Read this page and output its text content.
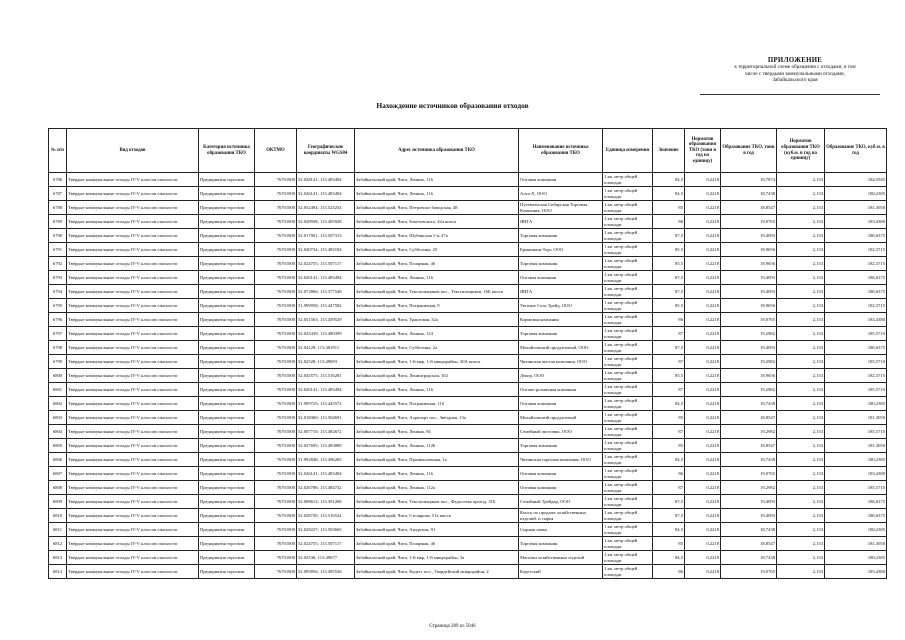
ПРИЛОЖЕНИЕ
к территориальной схеме обращения с отходами, в том
числе с твердыми коммунальными отходами,
Забайкальского края
Нахождение источников образования отходов
№ п/п	Вид отходов	Категория источника образования ТКО	ОКТМО	Географические координаты WGS84	Адрес источника образования ТКО	Наименование источника образования ТКО	Единица измерения	Значение	Норматив образования ТКО (тонн в год на единицу)	Образование ТКО, тонн в год	Норматив образования ТКО (куб.м. в год на единицу)	Образование ТКО, куб.м. в год
6786	Твёрдые коммунальные отходы IV-V классов опасности	Предприятия торговли	76701000	52.028141; 113.483494	Забайкальский край, Чита, Ленина, 116	Оптовая компания	1 кв. метр общей площади	84,5	0,2218	18,7874	2,133	184,5945
6787	Твёрдые коммунальные отходы IV-V классов опасности	Предприятия торговли	76701000	52.026141; 113.483494	Забайкальский край, Чита, Ленина, 116	Алта-Х, ООО	1 кв. метр общей площади	84,5	0,2218	18,7438	2,133	180,2385
6788	Твёрдые коммунальные отходы IV-V классов опасности	Предприятия торговли	76701000	52.052494; 113.523254	Забайкальский край, Чита, Петровско-Заводская, 48	Путевольская Сибирская Торговая Компания, ООО	1 кв. метр общей площади	85	0,2218	18,8547	2,133	181,3050
6789	Твёрдые коммунальные отходы IV-V классов опасности	Предприятия торговли	76701000	52.028938; 113.495928	Забайкальский край, Чита, Бекетовского, 42а киоск	ЯНТА	1 кв. метр общей площади	86	0,2218	19,0765	2,133	183,4380
6790	Твёрдые коммунальные отходы IV-V классов опасности	Предприятия торговли	76701000	52.017001; 113.507313	Забайкальский край, Чита, Шубинская 1-я, 47а	Торговая компания	1 кв. метр общей площади	87,5	0,2218	19,4093	2,133	186,6375
6791	Твёрдые коммунальные отходы IV-V классов опасности	Предприятия торговли	76701000	52.040734; 113.483184	Забайкальский край, Чита, Субботина, 25	Ермишкин-Торг, ООО	1 кв. метр общей площади	85,5	0,2218	18,9656	2,133	182,3715
6792	Твёрдые коммунальные отходы IV-V классов опасности	Предприятия торговли	76701000	52.024755; 113.507117	Забайкальский край, Чита, Полярная, 46	Торговая компания	1 кв. метр общей площади	85,5	0,2218	18,9656	2,133	182,3715
6793	Твёрдые коммунальные отходы IV-V классов опасности	Предприятия торговли	76701000	52.026141; 113.483494	Забайкальский край, Чита, Ленина, 116	Оптовая компания	1 кв. метр общей площади	87,5	0,2218	19,4093	2,133	186,6375
6794	Твёрдые коммунальные отходы IV-V классов опасности	Предприятия торговли	76701000	52.072866; 113.377548	Забайкальский край, Чита, Текстильщиков пос., Текстильщиков, 16Б киоск	ЯНТА	1 кв. метр общей площади	87,5	0,2218	19,4093	2,133	186,6375
6795	Твёрдые коммунальные отходы IV-V классов опасности	Предприятия торговли	76701000	51.999958; 113.447582	Забайкальский край, Чита, Пограничная, 9	Уютные Соль Трейд, ООО	1 кв. метр общей площади	85,5	0,2218	18,9656	2,133	182,3715
6796	Твёрдые коммунальные отходы IV-V классов опасности	Предприятия торговли	76701000	52.051563; 113.459529	Забайкальский край, Чита, Трактовая, 32а	Кормовая компания	1 кв. метр общей площади	86	0,2218	19,0765	2,133	183,4380
6797	Твёрдые коммунальные отходы IV-V классов опасности	Предприятия торговли	76701000	52.025439; 113.480399	Забайкальский край, Чита, Ленина, 123	Торговая компания	1 кв. метр общей площади	87	0,2218	19,2982	2,133	185,5710
6798	Твёрдые коммунальные отходы IV-V классов опасности	Предприятия торговли	76701000	52.04129; 113.481911	Забайкальский край, Чита, Субботина, 2а	Михайловский продуктовый, ООО	1 кв. метр общей площади	87,5	0,2218	19,4093	2,133	186,6375
6799	Твёрдые коммунальные отходы IV-V классов опасности	Предприятия торговли	76701000	52.02528; 113.49693	Забайкальский край, Чита, 1-й мкр, 1-й микрорайон, 30А киоск	Читинская чистая компания, ООО	1 кв. метр общей площади	87	0,2218	19,2982	2,133	185,5710
6800	Твёрдые коммунальные отходы IV-V классов опасности	Предприятия торговли	76701000	52.045575; 113.516281	Забайкальский край, Чита, Ленинградская, 102	Декор, ООО	1 кв. метр общей площади	85,5	0,2218	18,9656	2,133	182,3715
6801	Твёрдые коммунальные отходы IV-V классов опасности	Предприятия торговли	76701000	52.026141; 113.483494	Забайкальский край, Чита, Ленина, 116	Оптово-розничная компания	1 кв. метр общей площади	87	0,2218	19,2982	2,133	185,5710
6802	Твёрдые коммунальные отходы IV-V классов опасности	Предприятия торговли	76701000	51.999725; 113.445572	Забайкальский край, Чита, Пограничная, 11б	Оптовая компания	1 кв. метр общей площади	84,5	0,2218	18,7438	2,133	180,2385
6803	Твёрдые коммунальные отходы IV-V классов опасности	Предприятия торговли	76701000	52.018360; 113.504691	Забайкальский край, Чита, Аэропорт пос., Звёздная, 13а	Михайловский продуктовый	1 кв. метр общей площади	85	0,2218	18,8547	2,133	181,3050
6804	Твёрдые коммунальные отходы IV-V классов опасности	Предприятия торговли	76701000	52.007710; 113.482672	Забайкальский край, Чита, Ленина, 94	Семейный чистовик, ООО	1 кв. метр общей площади	87	0,2218	19,2982	2,133	185,5710
6805	Твёрдые коммунальные отходы IV-V классов опасности	Предприятия торговли	76701000	52.027695; 113.483889	Забайкальский край, Чита, Ленина, 112Б	Торговая компания	1 кв. метр общей площади	85	0,2218	18,8547	2,133	181,3050
6806	Твёрдые коммунальные отходы IV-V классов опасности	Предприятия торговли	76701000	51.992848; 113.496265	Забайкальский край, Чита, Промышленная, 1а	Читинская торговая компания, ООО	1 кв. метр общей площади	84,5	0,2218	18,7438	2,133	180,2385
6807	Твёрдые коммунальные отходы IV-V классов опасности	Предприятия торговли	76701000	52.026141; 113.483494	Забайкальский край, Чита, Ленина, 116	Оптовая компания	1 кв. метр общей площади	86	0,2218	19,0765	2,133	183,4380
6808	Твёрдые коммунальные отходы IV-V классов опасности	Предприятия торговли	76701000	52.026788; 113.484732	Забайкальский край, Чита, Ленина, 112а	Оптовая компания	1 кв. метр общей площади	87	0,2218	19,2982	2,133	185,5710
6809	Твёрдые коммунальные отходы IV-V классов опасности	Предприятия торговли	76701000	52.008612; 113.391268	Забайкальский край, Чита, Текстильщиков пос., Федосеева проезд, 31Б	Семейный Трейдер, ООО	1 кв. метр общей площади	87,5	0,2218	19,4093	2,133	186,6375
6810	Твёрдые коммунальные отходы IV-V классов опасности	Предприятия торговли	76701000	52.028730; 113.516524	Забайкальский край, Чита, Столярова, 51а киоск	Киоск по продаже хозяйственных изделий, и сырья	1 кв. метр общей площади	87,5	0,2218	19,4093	2,133	186,6375
6811	Твёрдые коммунальные отходы IV-V классов опасности	Предприятия торговли	76701000	52.028227; 113.503665	Забайкальский край, Чита, Амурская, 91	Сырная лавка	1 кв. метр общей площади	84,5	0,2218	18,7438	2,133	180,2385
6812	Твёрдые коммунальные отходы IV-V классов опасности	Предприятия торговли	76701000	52.024755; 113.507117	Забайкальский край, Чита, Полярная, 46	Торговая компания	1 кв. метр общей площади	85	0,2218	18,8547	2,133	181,3050
6813	Твёрдые коммунальные отходы IV-V классов опасности	Предприятия торговли	76701000	52.02536; 113.49677	Забайкальский край, Чита, 1-й мкр, 1-й микрорайон, 3а	Магазин хозяйственных изделий	1 кв. метр общей площади	84,5	0,2218	18,7438	2,133	180,2385
6814	Твёрдые коммунальные отходы IV-V классов опасности	Предприятия торговли	76701000	52.095856; 113.495526	Забайкальский край, Чита, Кадетс пос., Гвардейский микрорайон, 2	Кадетский	1 кв. метр общей площади	86	0,2218	19,0765	2,133	183,4380
Страница 289 из 5046
